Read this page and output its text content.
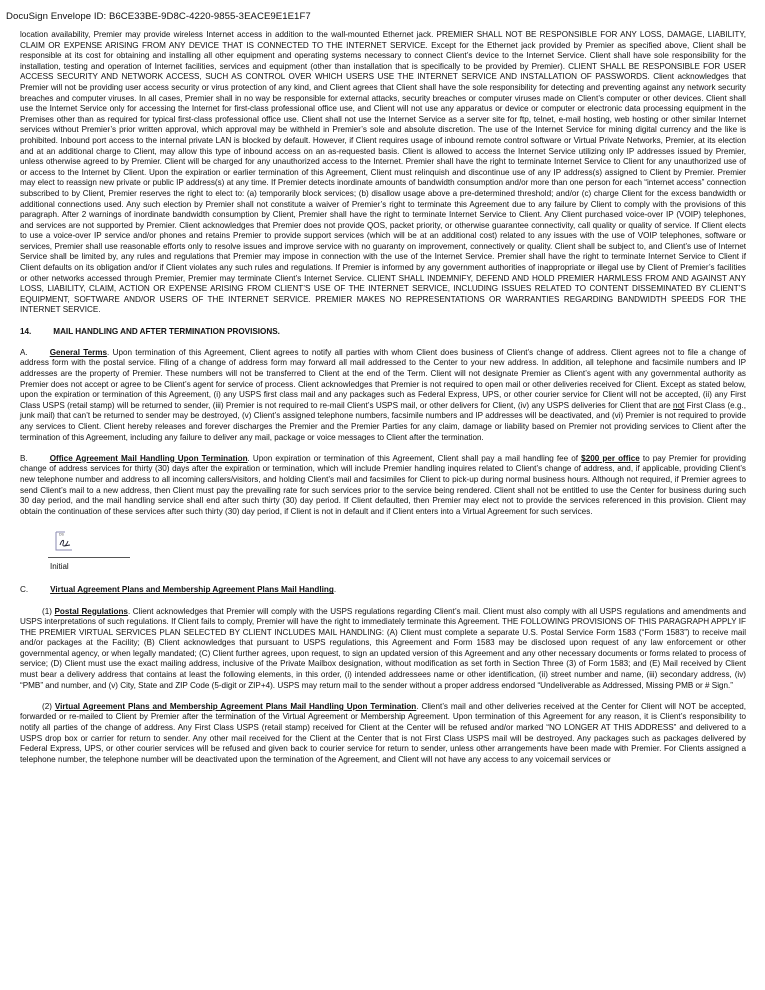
DocuSign Envelope ID: B6CE33BE-9D8C-4220-9855-3EACE9E1E1F7

location availability, Premier may provide wireless Internet access in addition to the wall-mounted Ethernet jack. PREMIER SHALL NOT BE RESPONSIBLE FOR ANY LOSS, DAMAGE, LIABILITY, CLAIM OR EXPENSE ARISING FROM ANY DEVICE THAT IS CONNECTED TO THE INTERNET SERVICE. Except for the Ethernet jack provided by Premier as specified above, Client shall be responsible at its cost for obtaining and installing all other equipment and operating systems necessary to connect Client’s device to the Internet Service. Client shall have sole responsibility for the installation, testing and operation of Internet facilities, services and equipment (other than installation that is specifically to be provided by Premier). CLIENT SHALL BE RESPONSIBLE FOR USER ACCESS SECURITY AND NETWORK ACCESS, SUCH AS CONTROL OVER WHICH USERS USE THE INTERNET SERVICE AND INSTALLATION OF PASSWORDS. Client acknowledges that Premier will not be providing user access security or virus protection of any kind, and Client agrees that Client shall have the sole responsibility for detecting and preventing against any network security breaches and computer viruses. In all cases, Premier shall in no way be responsible for external attacks, security breaches or computer viruses made on Client’s computer or other devices. Client shall use the Internet Service only for accessing the Internet for first-class professional office use, and Client will not use any apparatus or device or computer or electronic data processing equipment in the Premises other than as required for typical first-class professional office use. Client shall not use the Internet Service as a server site for ftp, telnet, e-mail hosting, web hosting or other similar Internet services without Premier’s prior written approval, which approval may be withheld in Premier’s sole and absolute discretion. The use of the Internet Service for mining digital currency and the like is prohibited. Inbound port access to the internal private LAN is blocked by default. However, if Client requires usage of inbound remote control software or Virtual Private Networks, Premier, at its election and at an additional charge to Client, may allow this type of inbound access on an as-requested basis. Client is allowed to access the Internet Service utilizing only IP addresses issued by Premier, unless otherwise agreed to by Premier. Client will be charged for any unauthorized access to the Internet. Premier shall have the right to terminate Internet Service to Client for any unauthorized use of or access to the Internet by Client. Upon the expiration or earlier termination of this Agreement, Client must relinquish and discontinue use of any IP address(s) assigned to Client by Premier. Premier may elect to reassign new private or public IP address(s) at any time. If Premier detects inordinate amounts of bandwidth consumption and/or more than one person for each “internet access” connection subscribed to by Client, Premier reserves the right to elect to: (a) temporarily block services; (b) disallow usage above a pre-determined threshold; and/or (c) charge Client for the excess bandwidth or additional connections used. Any such election by Premier shall not constitute a waiver of Premier’s right to terminate this Agreement due to any failure by Client to comply with the provisions of this paragraph. After 2 warnings of inordinate bandwidth consumption by Client, Premier shall have the right to terminate Internet Service to Client. Any Client purchased voice-over IP (VOIP) telephones, and services are not supported by Premier. Client acknowledges that Premier does not provide QOS, packet priority, or otherwise guarantee connectivity, call quality or quality of service. If Client elects to use a voice-over IP service and/or phones and retains Premier to provide support services (which will be at an additional cost) related to any issues with the use of VOIP telephones, software or services, Premier shall use reasonable efforts only to resolve issues and improve service with no guaranty on improvement, connectively or quality. Client shall be subject to, and Client’s use of Internet Service shall be limited by, any rules and regulations that Premier may impose in connection with the use of the Internet Service. Premier shall have the right to terminate Internet Service to Client if Client defaults on its obligation and/or if Client violates any such rules and regulations. If Premier is informed by any government authorities of inappropriate or illegal use by Client of Premier’s facilities or other networks accessed through Premier, Premier may terminate Client’s Internet Service. CLIENT SHALL INDEMNIFY, DEFEND AND HOLD PREMIER HARMLESS FROM AND AGAINST ANY LOSS, LIABILITY, CLAIM, ACTION OR EXPENSE ARISING FROM CLIENT’S USE OF THE INTERNET SERVICE, INCLUDING ISSUES RELATED TO CONTENT DISSEMINATED BY CLIENT’S EQUIPMENT, SOFTWARE AND/OR USERS OF THE INTERNET SERVICE. PREMIER MAKES NO REPRESENTATIONS OR WARRANTIES REGARDING BANDWIDTH SPEEDS FOR THE INTERNET SERVICE.

14.	MAIL HANDLING AND AFTER TERMINATION PROVISIONS.

A.	General Terms. Upon termination of this Agreement, Client agrees to notify all parties with whom Client does business of Client’s change of address. Client agrees not to file a change of address form with the postal service. Filing of a change of address form may forward all mail addressed to the Center to your new address. In addition, all telephone and facsimile numbers and IP addresses are the property of Premier. These numbers will not be transferred to Client at the end of the Term. Client will not designate Premier as Client’s agent with any governmental authority as Premier does not accept or agree to be Client’s agent for service of process. Client acknowledges that Premier is not required to open mail or other deliveries received for Client. Except as stated below, upon the expiration or termination of this Agreement, (i) any USPS first class mail and any packages such as Federal Express, UPS, or other courier service for Client will not be accepted, (ii) any First Class USPS (retail stamp) will be returned to sender, (iii) Premier is not required to re-mail Client’s USPS mail, or other delivers for Client, (iv) any USPS deliveries for Client that are not First Class (e.g., junk mail) that can’t be returned to sender may be destroyed, (v) Client’s assigned telephone numbers, facsimile numbers and IP addresses will be deactivated, and (vi) Premier is not required to provide any services to Client. Client hereby releases and forever discharges the Premier and the Premier Parties for any claim, damage or liability based on Premier not providing services to Client after the termination of this Agreement, including any failure to deliver any mail, package or voice messages to Client after the termination.

B.	Office Agreement Mail Handling Upon Termination. Upon expiration or termination of this Agreement, Client shall pay a mail handling fee of $200 per office to pay Premier for providing change of address services for thirty (30) days after the expiration or termination, which will include Premier handling inquires related to Client’s change of address, and, if applicable, providing Client’s new telephone number and address to all incoming callers/visitors, and holding Client’s mail and facsimiles for Client to pick-up during normal business hours. Although not required, if Premier agrees to send Client’s mail to a new address, then Client must pay the prevailing rate for such services prior to the service being rendered. Client shall not be entitled to use the Center for business during such 30 day period, and the mail handling service shall end after such thirty (30) day period. If Client defaulted, then Premier may elect not to provide the services referenced in this provision. Client may obtain the continuation of these services after such thirty (30) day period, if Client is not in default and if Client enters into a Virtual Agreement for such services.

DS
Initial

C.	Virtual Agreement Plans and Membership Agreement Plans Mail Handling.

(1) Postal Regulations. Client acknowledges that Premier will comply with the USPS regulations regarding Client’s mail. Client must also comply with all USPS regulations and amendments and USPS interpretations of such regulations. If Client fails to comply, Premier will have the right to immediately terminate this Agreement. THE FOLLOWING PROVISIONS OF THIS PARAGRAPH APPLY IF THE PREMIER VIRTUAL SERVICES PLAN SELECTED BY CLIENT INCLUDES MAIL HANDLING: (A) Client must complete a separate U.S. Postal Service Form 1583 (“Form 1583”) to receive mail and/or packages at the Facility; (B) Client acknowledges that pursuant to USPS regulations, this Agreement and Form 1583 may be disclosed upon request of any law enforcement or other governmental agency, or when legally mandated; (C) Client further agrees, upon request, to sign an updated version of this Agreement and any other necessary documents or forms related to process of service; (D) Client must use the exact mailing address, inclusive of the Private Mailbox designation, without modification as set forth in Section Three (3) of Form 1583; and (E) Mail received by Client must bear a delivery address that contains at least the following elements, in this order, (i) intended addressees name or other identification, (ii) street number and name, (iii) secondary address, (iv) “PMB” and number, and (v) City, State and ZIP Code (5-digit or ZIP+4). USPS may return mail to the sender without a proper address endorsed “Undeliverable as Addressed, Missing PMB or # Sign.”

(2) Virtual Agreement Plans and Membership Agreement Plans Mail Handling Upon Termination. Client’s mail and other deliveries received at the Center for Client will NOT be accepted, forwarded or re-mailed to Client by Premier after the termination of the Virtual Agreement or Membership Agreement. Upon termination of this Agreement for any reason, it is Client’s responsibility to notify all parties of the change of address. Any First Class USPS (retail stamp) received for Client at the Center will be refused and/or marked “NO LONGER AT THIS ADDRESS” and delivered to a USPS drop box or carrier for return to sender. Any other mail received for the Client at the Center that is not First Class USPS mail will be destroyed. Any packages such as packages delivered by Federal Express, UPS, or other courier services will be refused and given back to courier service for return to sender, unless other arrangements have been made with Premier. For Clients assigned a telephone number, the telephone number will be deactivated upon the termination of the Agreement, and Client will not have any access to any voicemail services or
